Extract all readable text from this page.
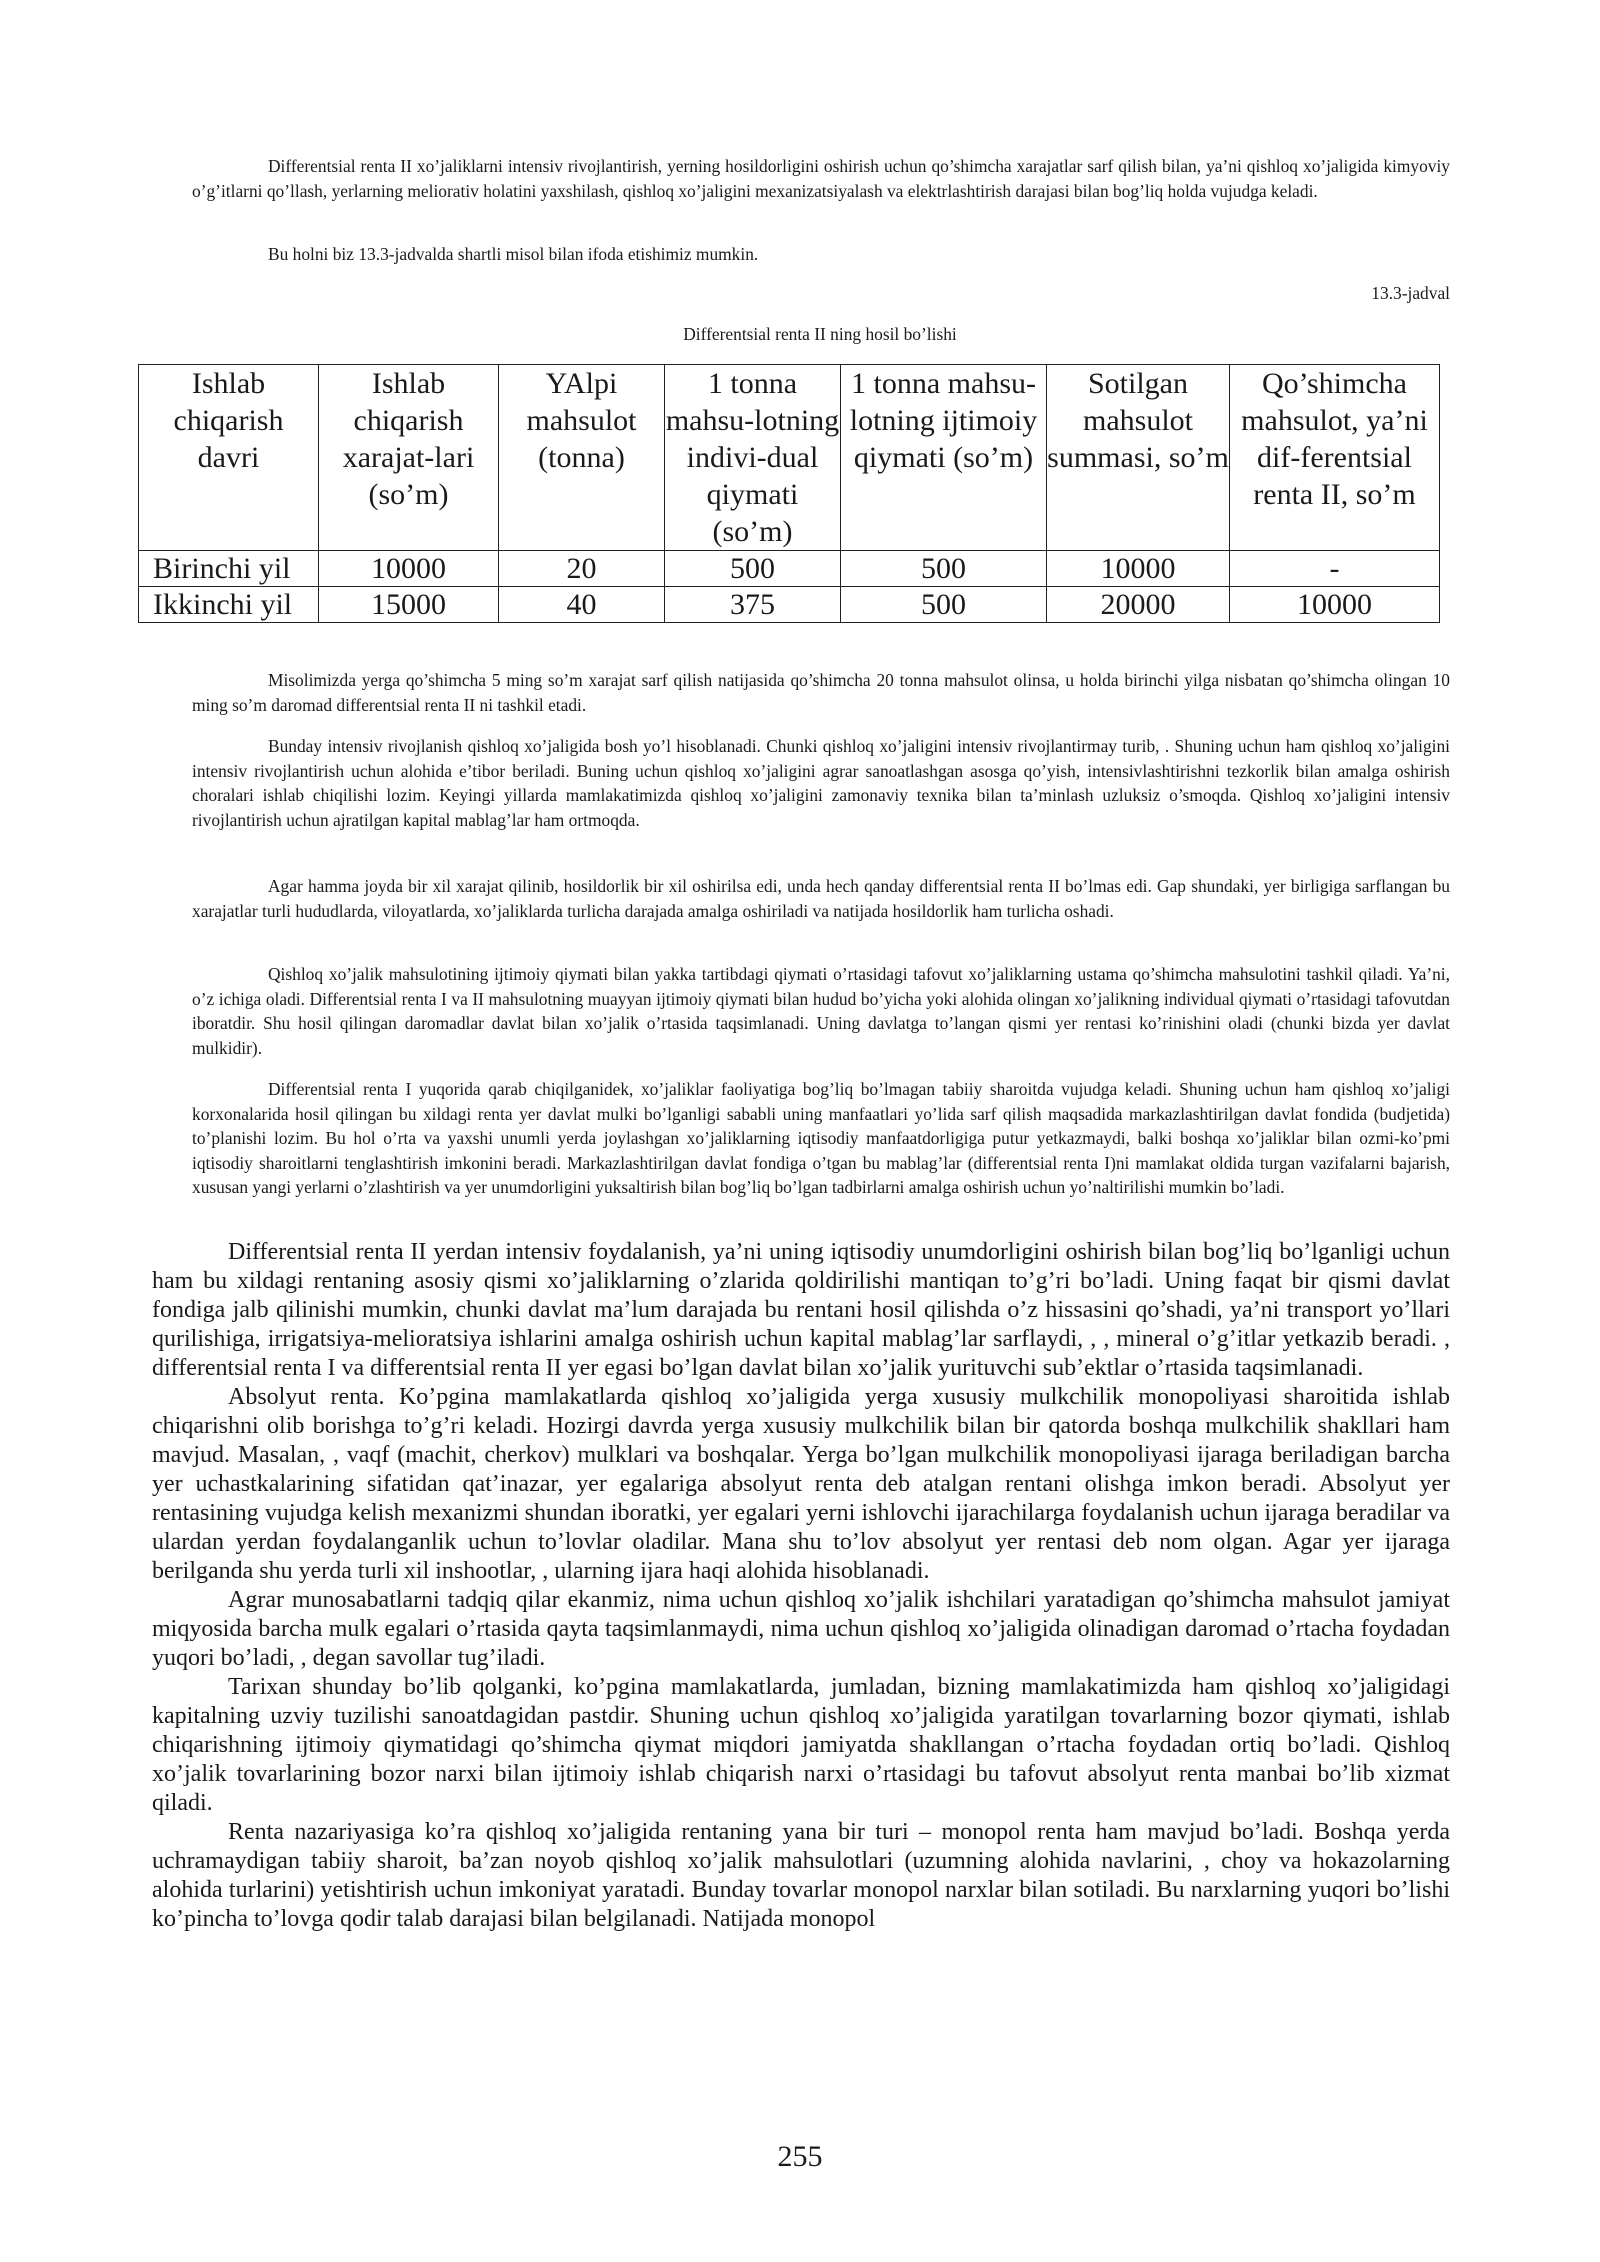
Differentsial renta II xo’jaliklarni intensiv rivojlantirish, yerning hosildorligini oshirish uchun qo’shimcha xarajatlar sarf qilish bilan, ya’ni qishloq xo’jaligida kimyoviy o’g’itlarni qo’llash, yerlarning meliorativ holatini yaxshilash, qishloq xo’jaligini mexanizatsiyalash va elektrlashtirish darajasi bilan bog’liq holda vujudga keladi.

Bu holni biz 13.3-jadvalda shartli misol bilan ifoda etishimiz mumkin.

13.3-jadval
Differentsial renta II ning hosil bo’lishi
Ishlab chiqarish davri	Ishlab chiqarish xarajat-lari (so’m)	YAlpi mahsulot (tonna)	1 tonna mahsu-lotning indivi-dual qiymati (so’m)	1 tonna mahsu-lotning ijtimoiy qiymati (so’m)	Sotilgan mahsulot summasi, so’m	Qo’shimcha mahsulot, ya’ni dif-ferentsial renta II, so’m
Birinchi yil	10000	20	500	500	10000	-
Ikkinchi yil	15000	40	375	500	20000	10000

Misolimizda yerga qo’shimcha 5 ming so’m xarajat sarf qilish natijasida qo’shimcha 20 tonna mahsulot olinsa, u holda birinchi yilga nisbatan qo’shimcha olingan 10 ming so’m daromad differentsial renta II ni tashkil etadi.

Bunday intensiv rivojlanish qishloq xo’jaligida bosh yo’l hisoblanadi. Chunki qishloq xo’jaligini intensiv rivojlantirmay turib, . Shuning uchun ham qishloq xo’jaligini intensiv rivojlantirish uchun alohida e’tibor beriladi. Buning uchun qishloq xo’jaligini agrar sanoatlashgan asosga qo’yish, intensivlashtirishni tezkorlik bilan amalga oshirish choralari ishlab chiqilishi lozim. Keyingi yillarda mamlakatimizda qishloq xo’jaligini zamonaviy texnika bilan ta’minlash uzluksiz o’smoqda. Qishloq xo’jaligini intensiv rivojlantirish uchun ajratilgan kapital mablag’lar ham ortmoqda.

Agar hamma joyda bir xil xarajat qilinib, hosildorlik bir xil oshirilsa edi, unda hech qanday differentsial renta II bo’lmas edi. Gap shundaki, yer birligiga sarflangan bu xarajatlar turli hududlarda, viloyatlarda, xo’jaliklarda turlicha darajada amalga oshiriladi va natijada hosildorlik ham turlicha oshadi.

Qishloq xo’jalik mahsulotining ijtimoiy qiymati bilan yakka tartibdagi qiymati o’rtasidagi tafovut xo’jaliklarning ustama qo’shimcha mahsulotini tashkil qiladi. Ya’ni, o’z ichiga oladi. Differentsial renta I va II mahsulotning muayyan ijtimoiy qiymati bilan hudud bo’yicha yoki alohida olingan xo’jalikning individual qiymati o’rtasidagi tafovutdan iboratdir. Shu hosil qilingan daromadlar davlat bilan xo’jalik o’rtasida taqsimlanadi. Uning davlatga to’langan qismi yer rentasi ko’rinishini oladi (chunki bizda yer davlat mulkidir).

Differentsial renta I yuqorida qarab chiqilganidek, xo’jaliklar faoliyatiga bog’liq bo’lmagan tabiiy sharoitda vujudga keladi. Shuning uchun ham qishloq xo’jaligi korxonalarida hosil qilingan bu xildagi renta yer davlat mulki bo’lganligi sababli uning manfaatlari yo’lida sarf qilish maqsadida markazlashtirilgan davlat fondida (budjetida) to’planishi lozim. Bu hol o’rta va yaxshi unumli yerda joylashgan xo’jaliklarning iqtisodiy manfaatdorligiga putur yetkazmaydi, balki boshqa xo’jaliklar bilan ozmi-ko’pmi iqtisodiy sharoitlarni tenglashtirish imkonini beradi. Markazlashtirilgan davlat fondiga o’tgan bu mablag’lar (differentsial renta I)ni mamlakat oldida turgan vazifalarni bajarish, xususan yangi yerlarni o’zlashtirish va yer unumdorligini yuksaltirish bilan bog’liq bo’lgan tadbirlarni amalga oshirish uchun yo’naltirilishi mumkin bo’ladi.

Differentsial renta II yerdan intensiv foydalanish, ya’ni uning iqtisodiy unumdorligini oshirish bilan bog’liq bo’lganligi uchun ham bu xildagi rentaning asosiy qismi xo’jaliklarning o’zlarida qoldirilishi mantiqan to’g’ri bo’ladi. Uning faqat bir qismi davlat fondiga jalb qilinishi mumkin, chunki davlat ma’lum darajada bu rentani hosil qilishda o’z hissasini qo’shadi, ya’ni transport yo’llari qurilishiga, irrigatsiya-melioratsiya ishlarini amalga oshirish uchun kapital mablag’lar sarflaydi, , , mineral o’g’itlar yetkazib beradi. , differentsial renta I va differentsial renta II yer egasi bo’lgan davlat bilan xo’jalik yurituvchi sub’ektlar o’rtasida taqsimlanadi.

Absolyut renta. Ko’pgina mamlakatlarda qishloq xo’jaligida yerga xususiy mulkchilik monopoliyasi sharoitida ishlab chiqarishni olib borishga to’g’ri keladi. Hozirgi davrda yerga xususiy mulkchilik bilan bir qatorda boshqa mulkchilik shakllari ham mavjud. Masalan, , vaqf (machit, cherkov) mulklari va boshqalar. Yerga bo’lgan mulkchilik monopoliyasi ijaraga beriladigan barcha yer uchastkalarining sifatidan qat’inazar, yer egalariga absolyut renta deb atalgan rentani olishga imkon beradi. Absolyut yer rentasining vujudga kelish mexanizmi shundan iboratki, yer egalari yerni ishlovchi ijarachilarga foydalanish uchun ijaraga beradilar va ulardan yerdan foydalanganlik uchun to’lovlar oladilar. Mana shu to’lov absolyut yer rentasi deb nom olgan. Agar yer ijaraga berilganda shu yerda turli xil inshootlar, , ularning ijara haqi alohida hisoblanadi.

Agrar munosabatlarni tadqiq qilar ekanmiz, nima uchun qishloq xo’jalik ishchilari yaratadigan qo’shimcha mahsulot jamiyat miqyosida barcha mulk egalari o’rtasida qayta taqsimlanmaydi, nima uchun qishloq xo’jaligida olinadigan daromad o’rtacha foydadan yuqori bo’ladi, , degan savollar tug’iladi.

Tarixan shunday bo’lib qolganki, ko’pgina mamlakatlarda, jumladan, bizning mamlakatimizda ham qishloq xo’jaligidagi kapitalning uzviy tuzilishi sanoatdagidan pastdir. Shuning uchun qishloq xo’jaligida yaratilgan tovarlarning bozor qiymati, ishlab chiqarishning ijtimoiy qiymatidagi qo’shimcha qiymat miqdori jamiyatda shakllangan o’rtacha foydadan ortiq bo’ladi. Qishloq xo’jalik tovarlarining bozor narxi bilan ijtimoiy ishlab chiqarish narxi o’rtasidagi bu tafovut absolyut renta manbai bo’lib xizmat qiladi.

Renta nazariyasiga ko’ra qishloq xo’jaligida rentaning yana bir turi – monopol renta ham mavjud bo’ladi. Boshqa yerda uchramaydigan tabiiy sharoit, ba’zan noyob qishloq xo’jalik mahsulotlari (uzumning alohida navlarini, , choy va hokazolarning alohida turlarini) yetishtirish uchun imkoniyat yaratadi. Bunday tovarlar monopol narxlar bilan sotiladi. Bu narxlarning yuqori bo’lishi ko’pincha to’lovga qodir talab darajasi bilan belgilanadi. Natijada monopol

255
